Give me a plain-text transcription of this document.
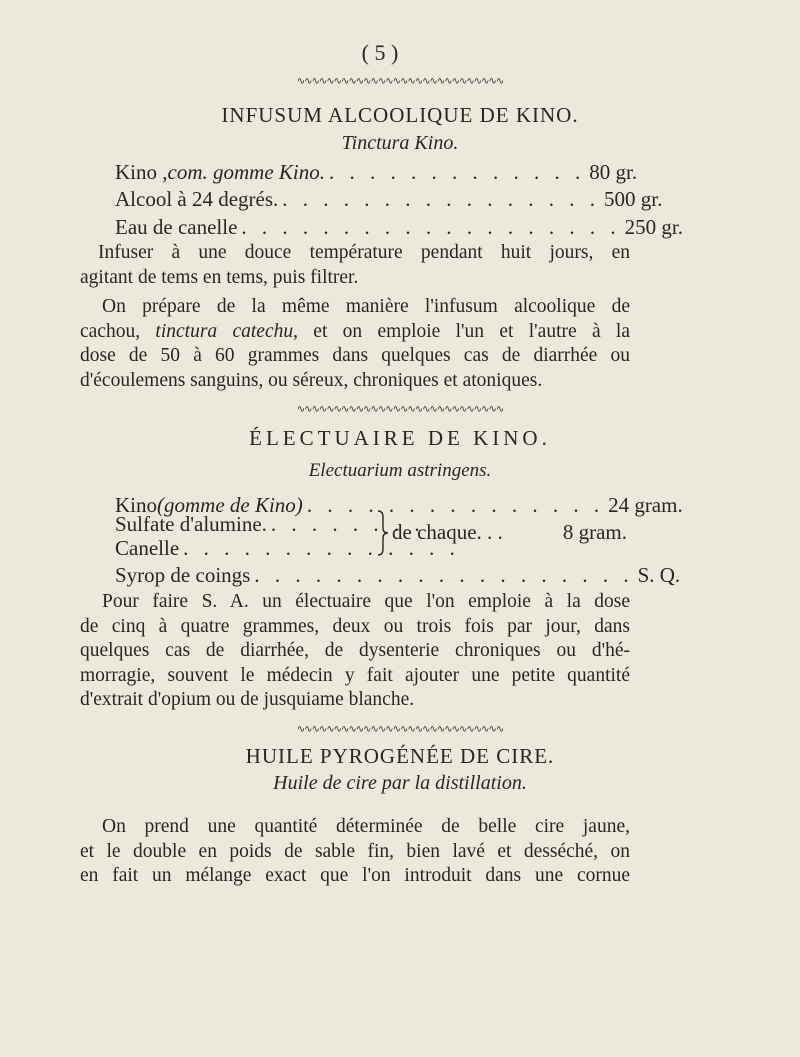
( 5 )
∿∿∿∿∿∿∿∿∿∿∿∿∿∿∿∿∿∿∿∿∿∿∿∿∿∿∿∿
INFUSUM ALCOOLIQUE DE KINO.
Tinctura Kino.
Kino , com. gomme Kino. . . . . . . . . . . . . . 80 gr.
Alcool à 24 degrés. . . . . . . . . . . . . . . . . 500 gr.
Eau de canelle . . . . . . . . . . . . . . . . . . . 250 gr.
Infuser à une douce température pendant huit jours, en
agitant de tems en tems, puis filtrer.
On prépare de la même manière l'infusum alcoolique de
cachou, tinctura catechu, et on emploie l'un et l'autre à la
dose de 50 à 60 grammes dans quelques cas de diarrhée ou
d'écoulemens sanguins, ou séreux, chroniques et atoniques.
∿∿∿∿∿∿∿∿∿∿∿∿∿∿∿∿∿∿∿∿∿∿∿∿∿∿∿∿
ÉLECTUAIRE DE KINO.
Electuarium astringens.
Kino (gomme de Kino) . . . . . . . . . . . . . . . 24 gram.
Sulfate d'alumine. . . . . . . . .
Canelle . . . . . . . . . . . . . .
de chaque. . .	8 gram.
Syrop de coings . . . . . . . . . . . . . . . . . . . S. Q.
Pour faire S. A. un électuaire que l'on emploie à la dose
de cinq à quatre grammes, deux ou trois fois par jour, dans
quelques cas de diarrhée, de dysenterie chroniques ou d'hé-
morragie, souvent le médecin y fait ajouter une petite quantité
d'extrait d'opium ou de jusquiame blanche.
∿∿∿∿∿∿∿∿∿∿∿∿∿∿∿∿∿∿∿∿∿∿∿∿∿∿∿∿
HUILE PYROGÉNÉE DE CIRE.
Huile de cire par la distillation.
On prend une quantité déterminée de belle cire jaune,
et le double en poids de sable fin, bien lavé et desséché, on
en fait un mélange exact que l'on introduit dans une cornue
